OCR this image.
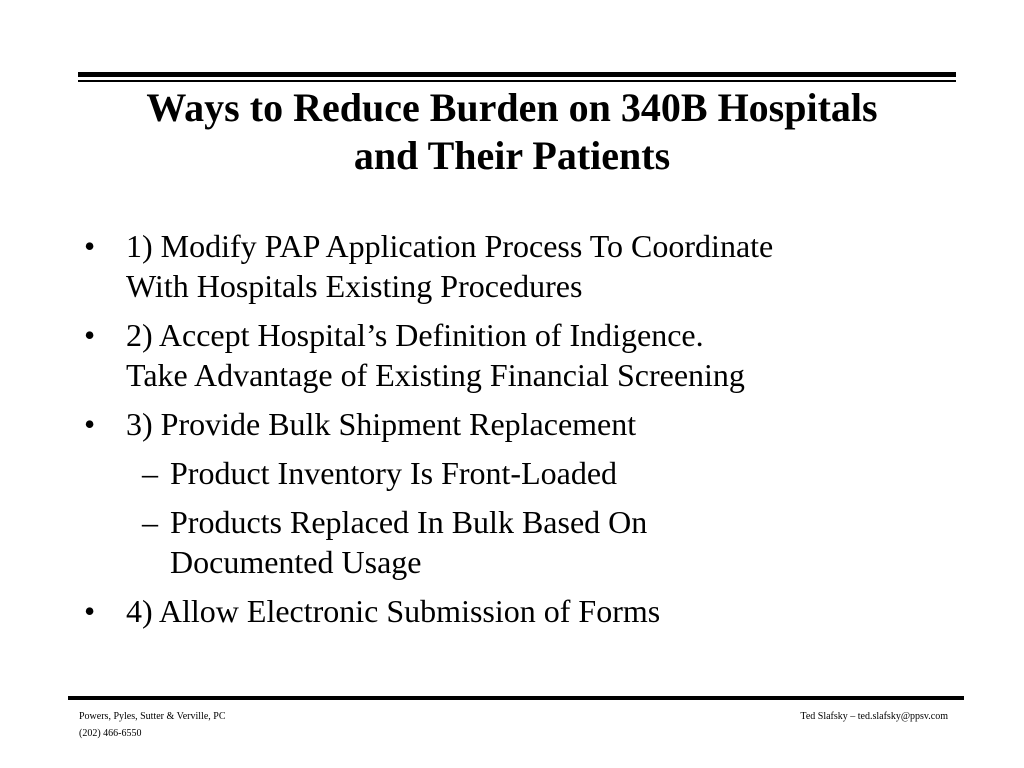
Ways to Reduce Burden on 340B Hospitals
and Their Patients
• 1) Modify PAP Application Process To Coordinate
With Hospitals Existing Procedures
• 2) Accept Hospital’s Definition of Indigence.
Take Advantage of Existing Financial Screening
• 3) Provide Bulk Shipment Replacement
– Product Inventory Is Front-Loaded
– Products Replaced In Bulk Based On
Documented Usage
• 4) Allow Electronic Submission of Forms
Powers, Pyles, Sutter & Verville, PC
(202) 466-6550
Ted Slafsky – ted.slafsky@ppsv.com
